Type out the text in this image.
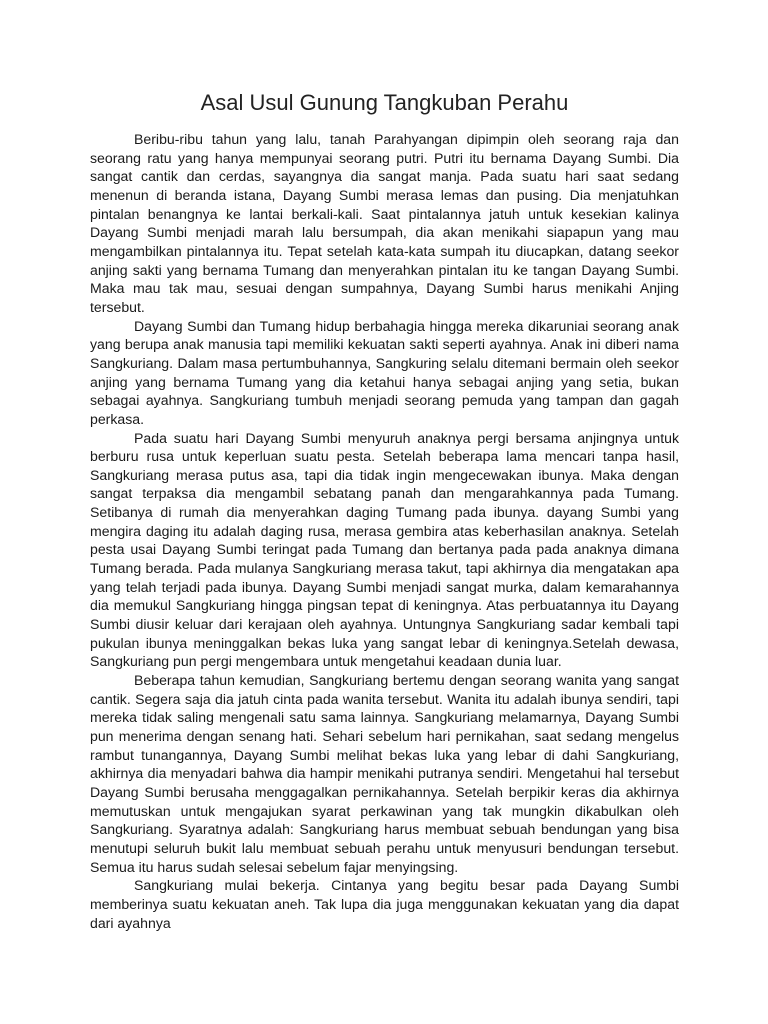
Asal Usul Gunung Tangkuban Perahu

Beribu-ribu tahun yang lalu, tanah Parahyangan dipimpin oleh seorang raja dan seorang ratu yang hanya mempunyai seorang putri. Putri itu bernama Dayang Sumbi. Dia sangat cantik dan cerdas, sayangnya dia sangat manja. Pada suatu hari saat sedang menenun di beranda istana, Dayang Sumbi merasa lemas dan pusing. Dia menjatuhkan pintalan benangnya ke lantai berkali-kali. Saat pintalannya jatuh untuk kesekian kalinya Dayang Sumbi menjadi marah lalu bersumpah, dia akan menikahi siapapun yang mau mengambilkan pintalannya itu. Tepat setelah kata-kata sumpah itu diucapkan, datang seekor anjing sakti yang bernama Tumang dan menyerahkan pintalan itu ke tangan Dayang Sumbi. Maka mau tak mau, sesuai dengan sumpahnya, Dayang Sumbi harus menikahi Anjing tersebut.

Dayang Sumbi dan Tumang hidup berbahagia hingga mereka dikaruniai seorang anak yang berupa anak manusia tapi memiliki kekuatan sakti seperti ayahnya. Anak ini diberi nama Sangkuriang. Dalam masa pertumbuhannya, Sangkuring selalu ditemani bermain oleh seekor anjing yang bernama Tumang yang dia ketahui hanya sebagai anjing yang setia, bukan sebagai ayahnya. Sangkuriang tumbuh menjadi seorang pemuda yang tampan dan gagah perkasa.

Pada suatu hari Dayang Sumbi menyuruh anaknya pergi bersama anjingnya untuk berburu rusa untuk keperluan suatu pesta. Setelah beberapa lama mencari tanpa hasil, Sangkuriang merasa putus asa, tapi dia tidak ingin mengecewakan ibunya. Maka dengan sangat terpaksa dia mengambil sebatang panah dan mengarahkannya pada Tumang. Setibanya di rumah dia menyerahkan daging Tumang pada ibunya. dayang Sumbi yang mengira daging itu adalah daging rusa, merasa gembira atas keberhasilan anaknya. Setelah pesta usai Dayang Sumbi teringat pada Tumang dan bertanya pada pada anaknya dimana Tumang berada. Pada mulanya Sangkuriang merasa takut, tapi akhirnya dia mengatakan apa yang telah terjadi pada ibunya. Dayang Sumbi menjadi sangat murka, dalam kemarahannya dia memukul Sangkuriang hingga pingsan tepat di keningnya. Atas perbuatannya itu Dayang Sumbi diusir keluar dari kerajaan oleh ayahnya. Untungnya Sangkuriang sadar kembali tapi pukulan ibunya meninggalkan bekas luka yang sangat lebar di keningnya.Setelah dewasa, Sangkuriang pun pergi mengembara untuk mengetahui keadaan dunia luar.

Beberapa tahun kemudian, Sangkuriang bertemu dengan seorang wanita yang sangat cantik. Segera saja dia jatuh cinta pada wanita tersebut. Wanita itu adalah ibunya sendiri, tapi mereka tidak saling mengenali satu sama lainnya. Sangkuriang melamarnya, Dayang Sumbi pun menerima dengan senang hati. Sehari sebelum hari pernikahan, saat sedang mengelus rambut tunangannya, Dayang Sumbi melihat bekas luka yang lebar di dahi Sangkuriang, akhirnya dia menyadari bahwa dia hampir menikahi putranya sendiri. Mengetahui hal tersebut Dayang Sumbi berusaha menggagalkan pernikahannya. Setelah berpikir keras dia akhirnya memutuskan untuk mengajukan syarat perkawinan yang tak mungkin dikabulkan oleh Sangkuriang. Syaratnya adalah: Sangkuriang harus membuat sebuah bendungan yang bisa menutupi seluruh bukit lalu membuat sebuah perahu untuk menyusuri bendungan tersebut. Semua itu harus sudah selesai sebelum fajar menyingsing.

Sangkuriang mulai bekerja. Cintanya yang begitu besar pada Dayang Sumbi memberinya suatu kekuatan aneh. Tak lupa dia juga menggunakan kekuatan yang dia dapat dari ayahnya
